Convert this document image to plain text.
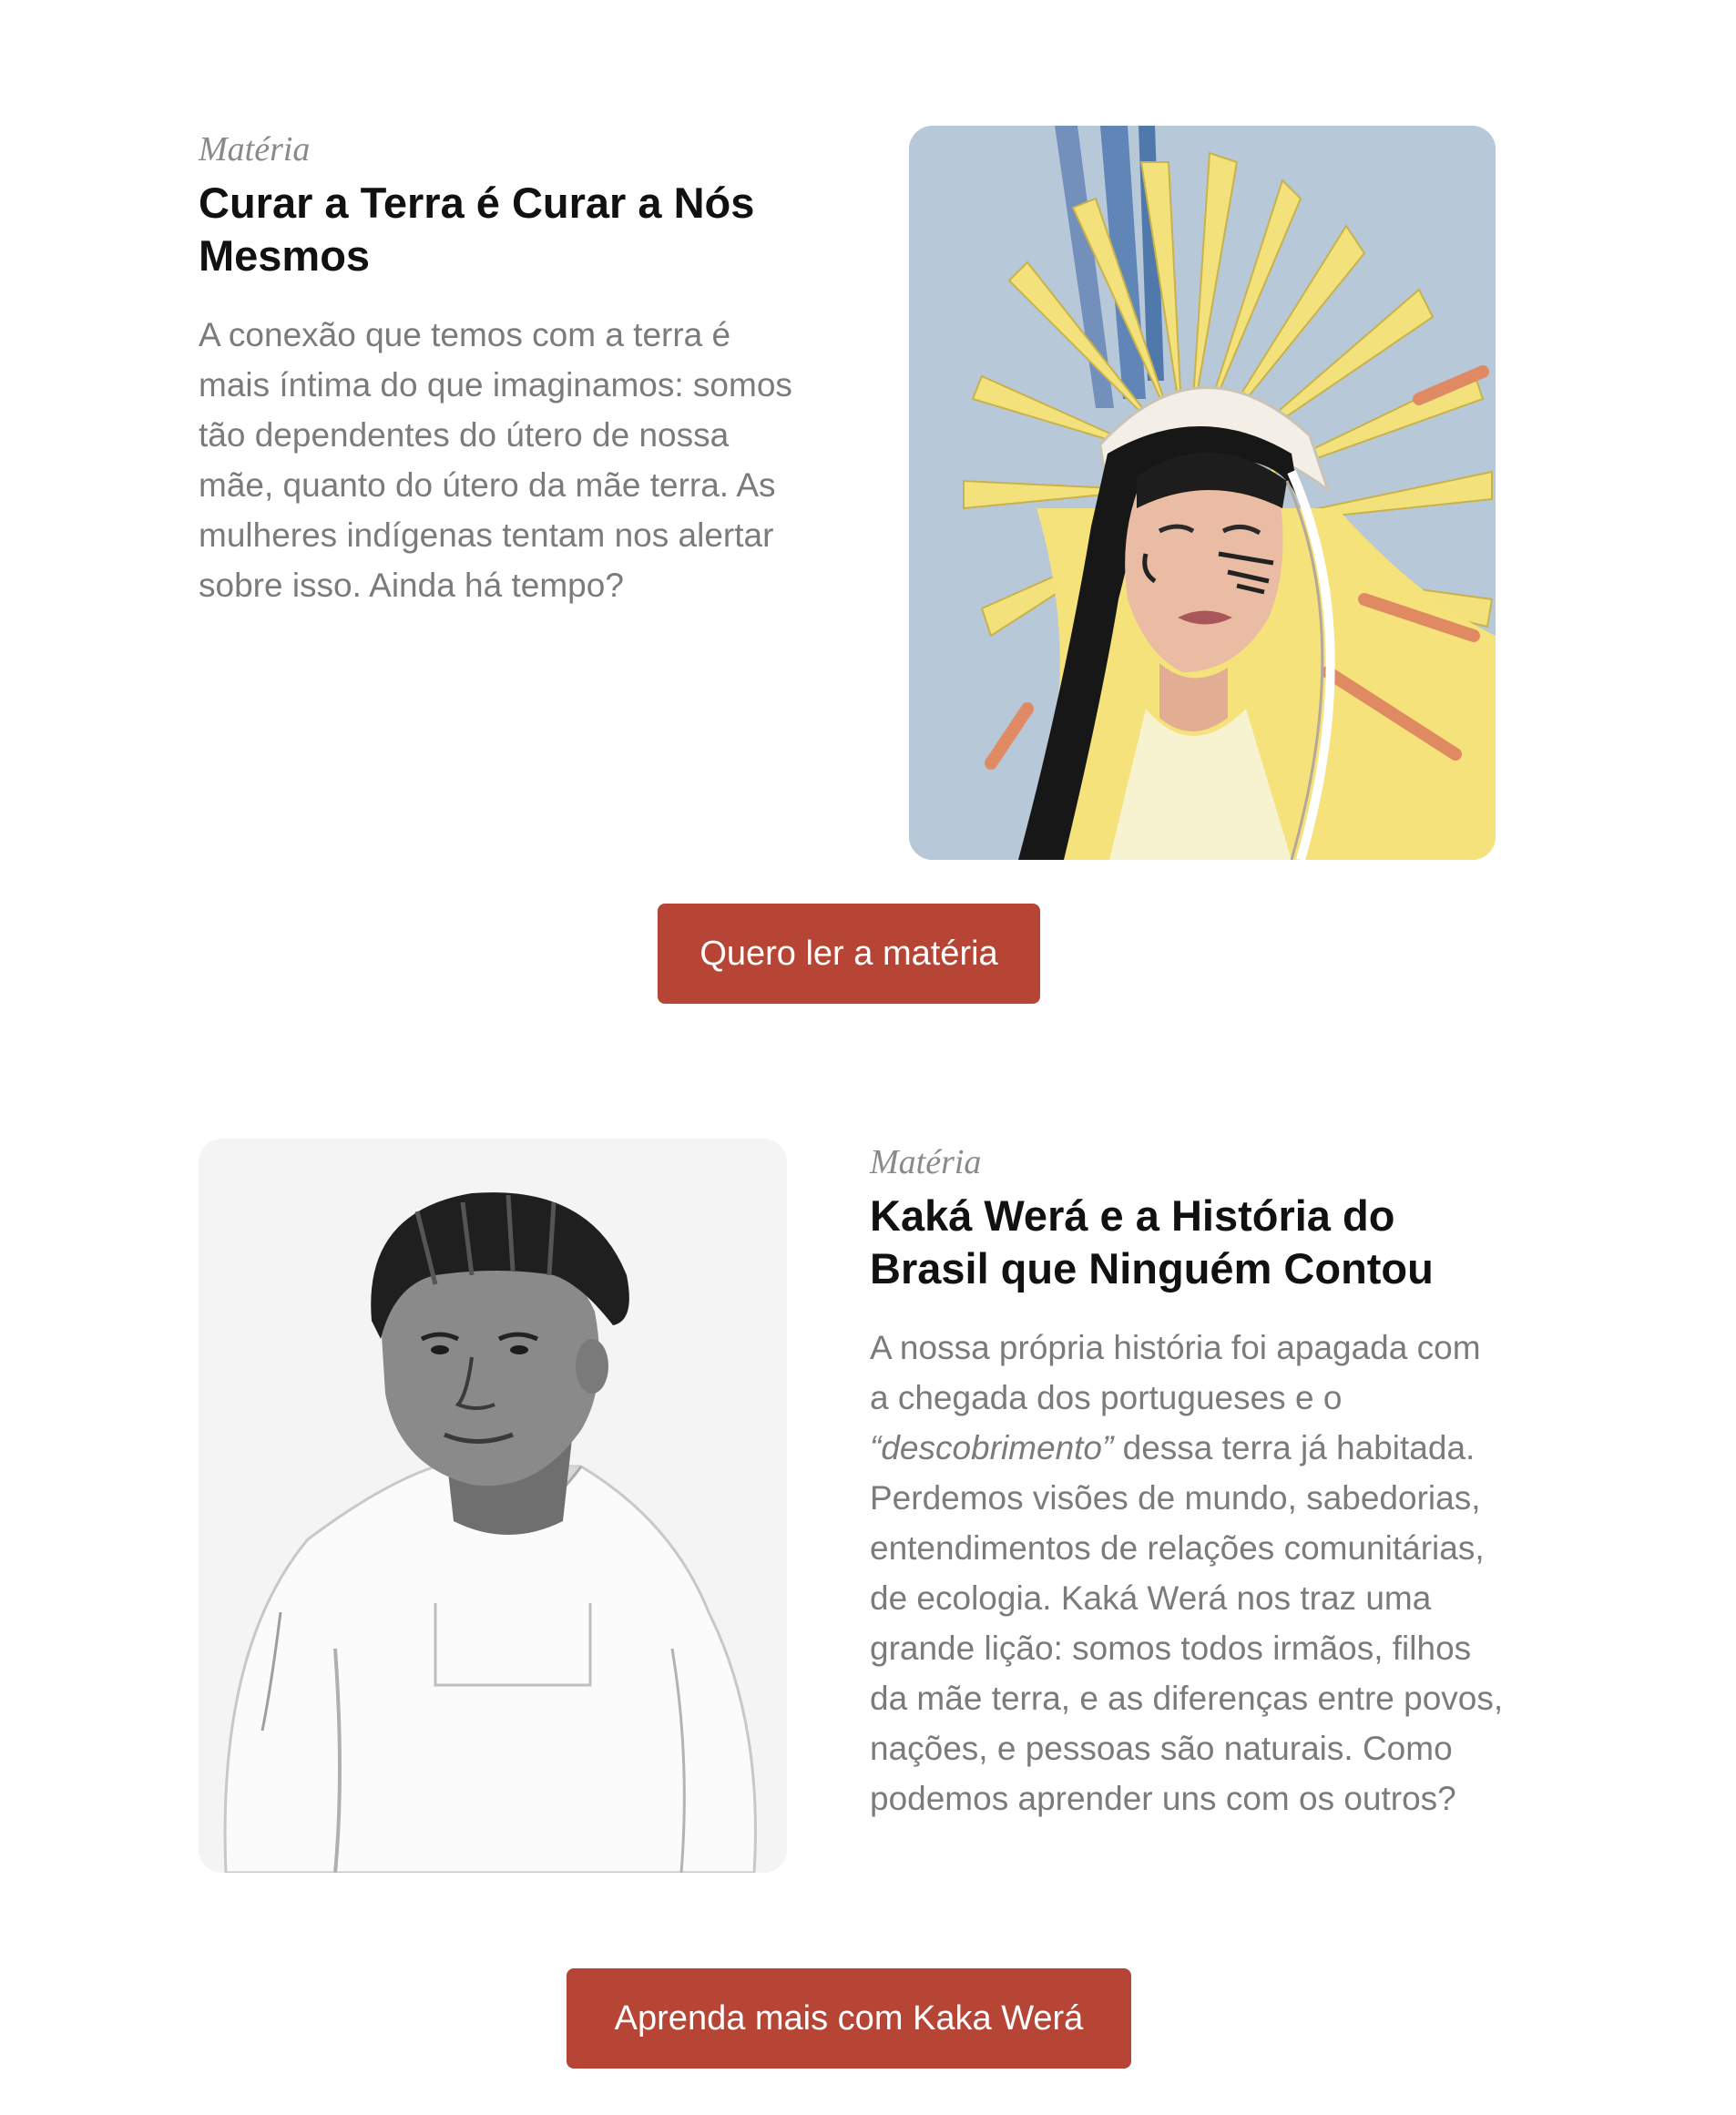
Matéria

Curar a Terra é Curar a Nós Mesmos

A conexão que temos com a terra é mais íntima do que imaginamos: somos tão dependentes do útero de nossa mãe, quanto do útero da mãe terra. As mulheres indígenas tentam nos alertar sobre isso. Ainda há tempo?

Quero ler a matéria

Matéria

Kaká Werá e a História do Brasil que Ninguém Contou

A nossa própria história foi apagada com a chegada dos portugueses e o “descobrimento” dessa terra já habitada. Perdemos visões de mundo, sabedorias, entendimentos de relações comunitárias, de ecologia. Kaká Werá nos traz uma grande lição: somos todos irmãos, filhos da mãe terra, e as diferenças entre povos, nações, e pessoas são naturais. Como podemos aprender uns com os outros?

Aprenda mais com Kaka Werá
